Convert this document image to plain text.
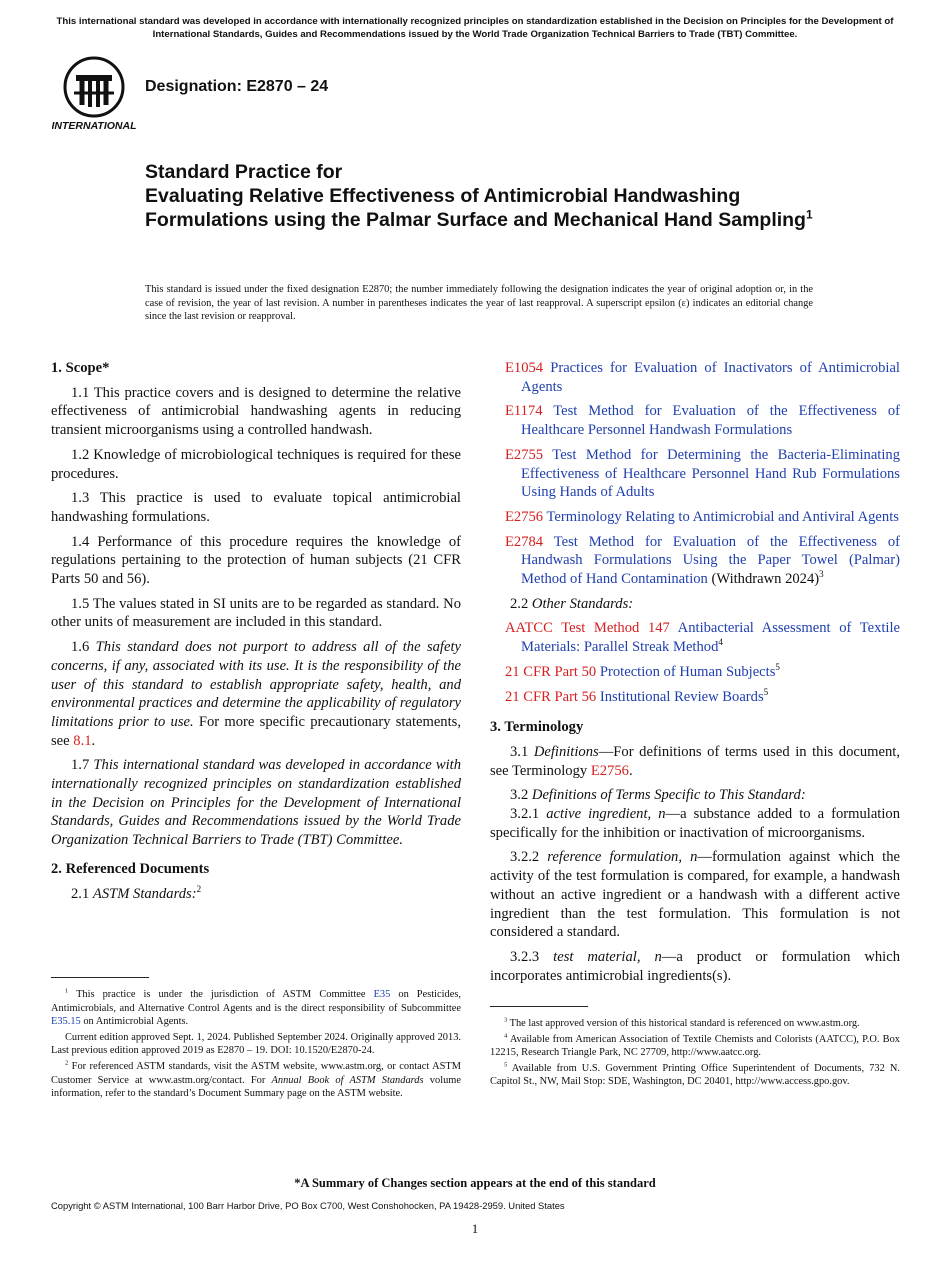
This international standard was developed in accordance with internationally recognized principles on standardization established in the Decision on Principles for the Development of International Standards, Guides and Recommendations issued by the World Trade Organization Technical Barriers to Trade (TBT) Committee.
INTERNATIONAL
Designation: E2870 – 24
Standard Practice for
Evaluating Relative Effectiveness of Antimicrobial Handwashing Formulations using the Palmar Surface and Mechanical Hand Sampling$^1$
This standard is issued under the fixed designation E2870; the number immediately following the designation indicates the year of original adoption or, in the case of revision, the year of last revision. A number in parentheses indicates the year of last reapproval. A superscript epsilon (ε) indicates an editorial change since the last revision or reapproval.
1. Scope*

1.1 This practice covers and is designed to determine the relative effectiveness of antimicrobial handwashing agents in reducing transient microorganisms using a controlled handwash.

1.2 Knowledge of microbiological techniques is required for these procedures.

1.3 This practice is used to evaluate topical antimicrobial handwashing formulations.

1.4 Performance of this procedure requires the knowledge of regulations pertaining to the protection of human subjects (21 CFR Parts 50 and 56).

1.5 The values stated in SI units are to be regarded as standard. No other units of measurement are included in this standard.

1.6 This standard does not purport to address all of the safety concerns, if any, associated with its use. It is the responsibility of the user of this standard to establish appropriate safety, health, and environmental practices and determine the applicability of regulatory limitations prior to use. For more specific precautionary statements, see 8.1.

1.7 This international standard was developed in accordance with internationally recognized principles on standardization established in the Decision on Principles for the Development of International Standards, Guides and Recommendations issued by the World Trade Organization Technical Barriers to Trade (TBT) Committee.

2. Referenced Documents

2.1 ASTM Standards:$^2$

$^1$ This practice is under the jurisdiction of ASTM Committee E35 on Pesticides, Antimicrobials, and Alternative Control Agents and is the direct responsibility of Subcommittee E35.15 on Antimicrobial Agents.

Current edition approved Sept. 1, 2024. Published September 2024. Originally approved 2013. Last previous edition approved 2019 as E2870 – 19. DOI: 10.1520/E2870-24.

$^2$ For referenced ASTM standards, visit the ASTM website, www.astm.org, or contact ASTM Customer Service at www.astm.org/contact. For Annual Book of ASTM Standards volume information, refer to the standard’s Document Summary page on the ASTM website.

E1054 Practices for Evaluation of Inactivators of Antimicrobial Agents

E1174 Test Method for Evaluation of the Effectiveness of Healthcare Personnel Handwash Formulations

E2755 Test Method for Determining the Bacteria-Eliminating Effectiveness of Healthcare Personnel Hand Rub Formulations Using Hands of Adults

E2756 Terminology Relating to Antimicrobial and Antiviral Agents

E2784 Test Method for Evaluation of the Effectiveness of Handwash Formulations Using the Paper Towel (Palmar) Method of Hand Contamination (Withdrawn 2024)$^3$

2.2 Other Standards:

AATCC Test Method 147 Antibacterial Assessment of Textile Materials: Parallel Streak Method$^4$

21 CFR Part 50 Protection of Human Subjects$^5$

21 CFR Part 56 Institutional Review Boards$^5$

3. Terminology

3.1 Definitions—For definitions of terms used in this document, see Terminology E2756.

3.2 Definitions of Terms Specific to This Standard:

3.2.1 active ingredient, n—a substance added to a formulation specifically for the inhibition or inactivation of microorganisms.

3.2.2 reference formulation, n—formulation against which the activity of the test formulation is compared, for example, a handwash without an active ingredient or a handwash with a different active ingredient than the test formulation. This formulation is not considered a standard.

3.2.3 test material, n—a product or formulation which incorporates antimicrobial ingredients(s).

$^3$ The last approved version of this historical standard is referenced on www.astm.org.

$^4$ Available from American Association of Textile Chemists and Colorists (AATCC), P.O. Box 12215, Research Triangle Park, NC 27709, http://www.aatcc.org.

$^5$ Available from U.S. Government Printing Office Superintendent of Documents, 732 N. Capitol St., NW, Mail Stop: SDE, Washington, DC 20401, http://www.access.gpo.gov.

*A Summary of Changes section appears at the end of this standard
Copyright © ASTM International, 100 Barr Harbor Drive, PO Box C700, West Conshohocken, PA 19428-2959. United States
1
